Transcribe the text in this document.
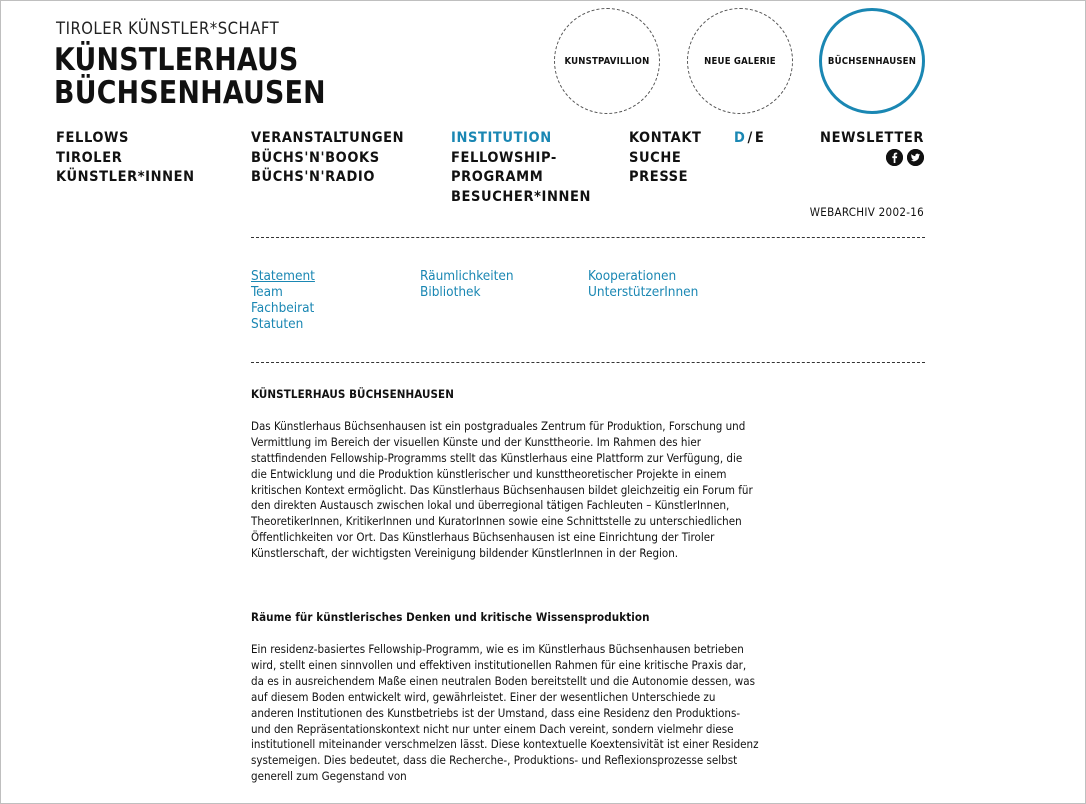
TIROLER KÜNSTLER*SCHAFT
KÜNSTLERHAUS
BÜCHSENHAUSEN
KUNSTPAVILLION	NEUE GALERIE	BÜCHSENHAUSEN
FELLOWS
TIROLER
KÜNSTLER*INNEN
VERANSTALTUNGEN
BÜCHS'N'BOOKS
BÜCHS'N'RADIO
INSTITUTION
FELLOWSHIP-
PROGRAMM
BESUCHER*INNEN
KONTAKT
SUCHE
PRESSE
D / E	NEWSLETTER
WEBARCHIV 2002-16
Statement
Team
Fachbeirat
Statuten
Räumlichkeiten
Bibliothek
Kooperationen
UnterstützerInnen
KÜNSTLERHAUS BÜCHSENHAUSEN

Das Künstlerhaus Büchsenhausen ist ein postgraduales Zentrum für Produktion, Forschung und Vermittlung im Bereich der visuellen Künste und der Kunsttheorie. Im Rahmen des hier stattfindenden Fellowship-Programms stellt das Künstlerhaus eine Plattform zur Verfügung, die die Entwicklung und die Produktion künstlerischer und kunsttheoretischer Projekte in einem kritischen Kontext ermöglicht. Das Künstlerhaus Büchsenhausen bildet gleichzeitig ein Forum für den direkten Austausch zwischen lokal und überregional tätigen Fachleuten – KünstlerInnen, TheoretikerInnen, KritikerInnen und KuratorInnen sowie eine Schnittstelle zu unterschiedlichen Öffentlichkeiten vor Ort. Das Künstlerhaus Büchsenhausen ist eine Einrichtung der Tiroler Künstlerschaft, der wichtigsten Vereinigung bildender KünstlerInnen in der Region.

Räume für künstlerisches Denken und kritische Wissensproduktion

Ein residenz-basiertes Fellowship-Programm, wie es im Künstlerhaus Büchsenhausen betrieben wird, stellt einen sinnvollen und effektiven institutionellen Rahmen für eine kritische Praxis dar, da es in ausreichendem Maße einen neutralen Boden bereitstellt und die Autonomie dessen, was auf diesem Boden entwickelt wird, gewährleistet. Einer der wesentlichen Unterschiede zu anderen Institutionen des Kunstbetriebs ist der Umstand, dass eine Residenz den Produktions- und den Repräsentationskontext nicht nur unter einem Dach vereint, sondern vielmehr diese institutionell miteinander verschmelzen lässt. Diese kontextuelle Koextensivität ist einer Residenz systemeigen. Dies bedeutet, dass die Recherche-, Produktions- und Reflexionsprozesse selbst generell zum Gegenstand von
